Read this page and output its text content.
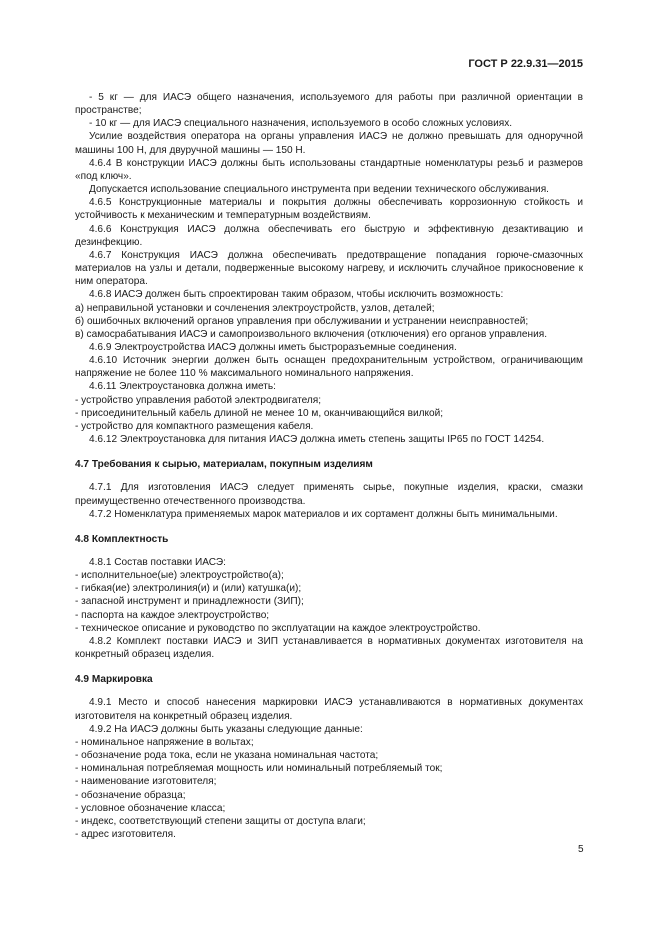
ГОСТ Р 22.9.31—2015

- 5 кг — для ИАСЭ общего назначения, используемого для работы при различной ориентации в пространстве;

- 10 кг — для ИАСЭ специального назначения, используемого в особо сложных условиях.

Усилие воздействия оператора на органы управления ИАСЭ не должно превышать для одноручной машины 100 Н, для двуручной машины — 150 Н.

4.6.4 В конструкции ИАСЭ должны быть использованы стандартные номенклатуры резьб и размеров «под ключ».

Допускается использование специального инструмента при ведении технического обслуживания.

4.6.5 Конструкционные материалы и покрытия должны обеспечивать коррозионную стойкость и устойчивость к механическим и температурным воздействиям.

4.6.6 Конструкция ИАСЭ должна обеспечивать его быструю и эффективную дезактивацию и дезинфекцию.

4.6.7 Конструкция ИАСЭ должна обеспечивать предотвращение попадания горюче-смазочных материалов на узлы и детали, подверженные высокому нагреву, и исключить случайное прикосновение к ним оператора.

4.6.8 ИАСЭ должен быть спроектирован таким образом, чтобы исключить возможность:

а) неправильной установки и сочленения электроустройств, узлов, деталей;

б) ошибочных включений органов управления при обслуживании и устранении неисправностей;

в) самосрабатывания ИАСЭ и самопроизвольного включения (отключения) его органов управления.

4.6.9 Электроустройства ИАСЭ должны иметь быстроразъемные соединения.

4.6.10 Источник энергии должен быть оснащен предохранительным устройством, ограничивающим напряжение не более 110 % максимального номинального напряжения.

4.6.11 Электроустановка должна иметь:

- устройство управления работой электродвигателя;

- присоединительный кабель длиной не менее 10 м, оканчивающийся вилкой;

- устройство для компактного размещения кабеля.

4.6.12 Электроустановка для питания ИАСЭ должна иметь степень защиты IP65 по ГОСТ 14254.

4.7 Требования к сырью, материалам, покупным изделиям

4.7.1 Для изготовления ИАСЭ следует применять сырье, покупные изделия, краски, смазки преимущественно отечественного производства.

4.7.2 Номенклатура применяемых марок материалов и их сортамент должны быть минимальными.

4.8 Комплектность

4.8.1 Состав поставки ИАСЭ:

- исполнительное(ые) электроустройство(а);

- гибкая(ие) электролиния(и) и (или) катушка(и);

- запасной инструмент и принадлежности (ЗИП);

- паспорта на каждое электроустройство;

- техническое описание и руководство по эксплуатации на каждое электроустройство.

4.8.2 Комплект поставки ИАСЭ и ЗИП устанавливается в нормативных документах изготовителя на конкретный образец изделия.

4.9 Маркировка

4.9.1 Место и способ нанесения маркировки ИАСЭ устанавливаются в нормативных документах изготовителя на конкретный образец изделия.

4.9.2 На ИАСЭ должны быть указаны следующие данные:

- номинальное напряжение в вольтах;

- обозначение рода тока, если не указана номинальная частота;

- номинальная потребляемая мощность или номинальный потребляемый ток;

- наименование изготовителя;

- обозначение образца;

- условное обозначение класса;

- индекс, соответствующий степени защиты от доступа влаги;

- адрес изготовителя.

5
